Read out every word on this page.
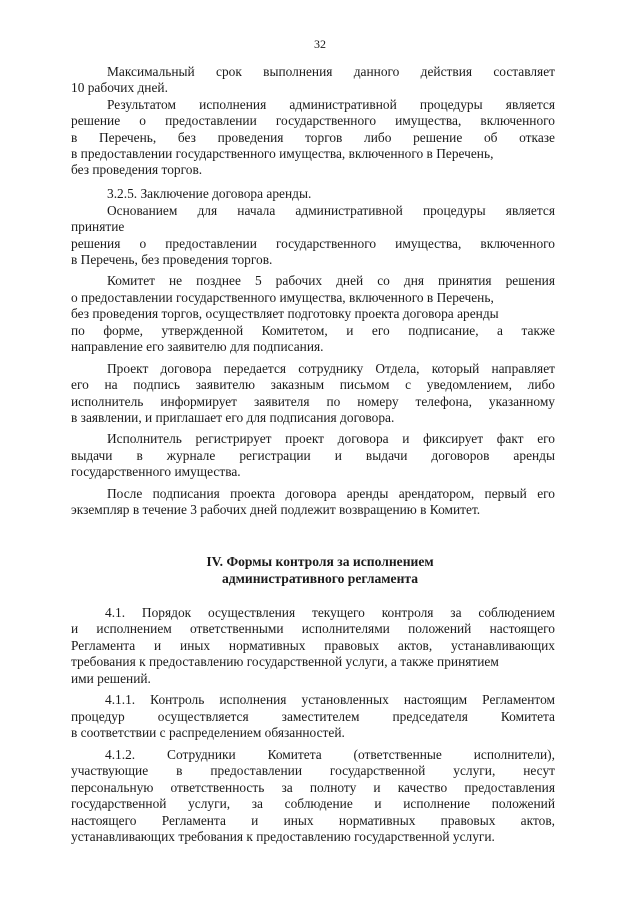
32
Максимальный срок выполнения данного действия составляет
10 рабочих дней.
Результатом исполнения административной процедуры является
решение о предоставлении государственного имущества, включенного
в Перечень, без проведения торгов либо решение об отказе
в предоставлении государственного имущества, включенного в Перечень,
без проведения торгов.
3.2.5. Заключение договора аренды.
Основанием для начала административной процедуры является
принятие
решения о предоставлении государственного имущества, включенного
в Перечень, без проведения торгов.
Комитет не позднее 5 рабочих дней со дня принятия решения
о предоставлении государственного имущества, включенного в Перечень,
без проведения торгов, осуществляет подготовку проекта договора аренды
по форме, утвержденной Комитетом, и его подписание, а также
направление его заявителю для подписания.
Проект договора передается сотруднику Отдела, который направляет
его на подпись заявителю заказным письмом с уведомлением, либо
исполнитель информирует заявителя по номеру телефона, указанному
в заявлении, и приглашает его для подписания договора.
Исполнитель регистрирует проект договора и фиксирует факт его
выдачи в журнале регистрации и выдачи договоров аренды
государственного имущества.
После подписания проекта договора аренды арендатором, первый его
экземпляр в течение 3 рабочих дней подлежит возвращению в Комитет.
IV. Формы контроля за исполнением
административного регламента
4.1. Порядок осуществления текущего контроля за соблюдением
и исполнением ответственными исполнителями положений настоящего
Регламента и иных нормативных правовых актов, устанавливающих
требования к предоставлению государственной услуги, а также принятием
ими решений.
4.1.1. Контроль исполнения установленных настоящим Регламентом
процедур осуществляется заместителем председателя Комитета
в соответствии с распределением обязанностей.
4.1.2. Сотрудники Комитета (ответственные исполнители),
участвующие в предоставлении государственной услуги, несут
персональную ответственность за полноту и качество предоставления
государственной услуги, за соблюдение и исполнение положений
настоящего Регламента и иных нормативных правовых актов,
устанавливающих требования к предоставлению государственной услуги.
